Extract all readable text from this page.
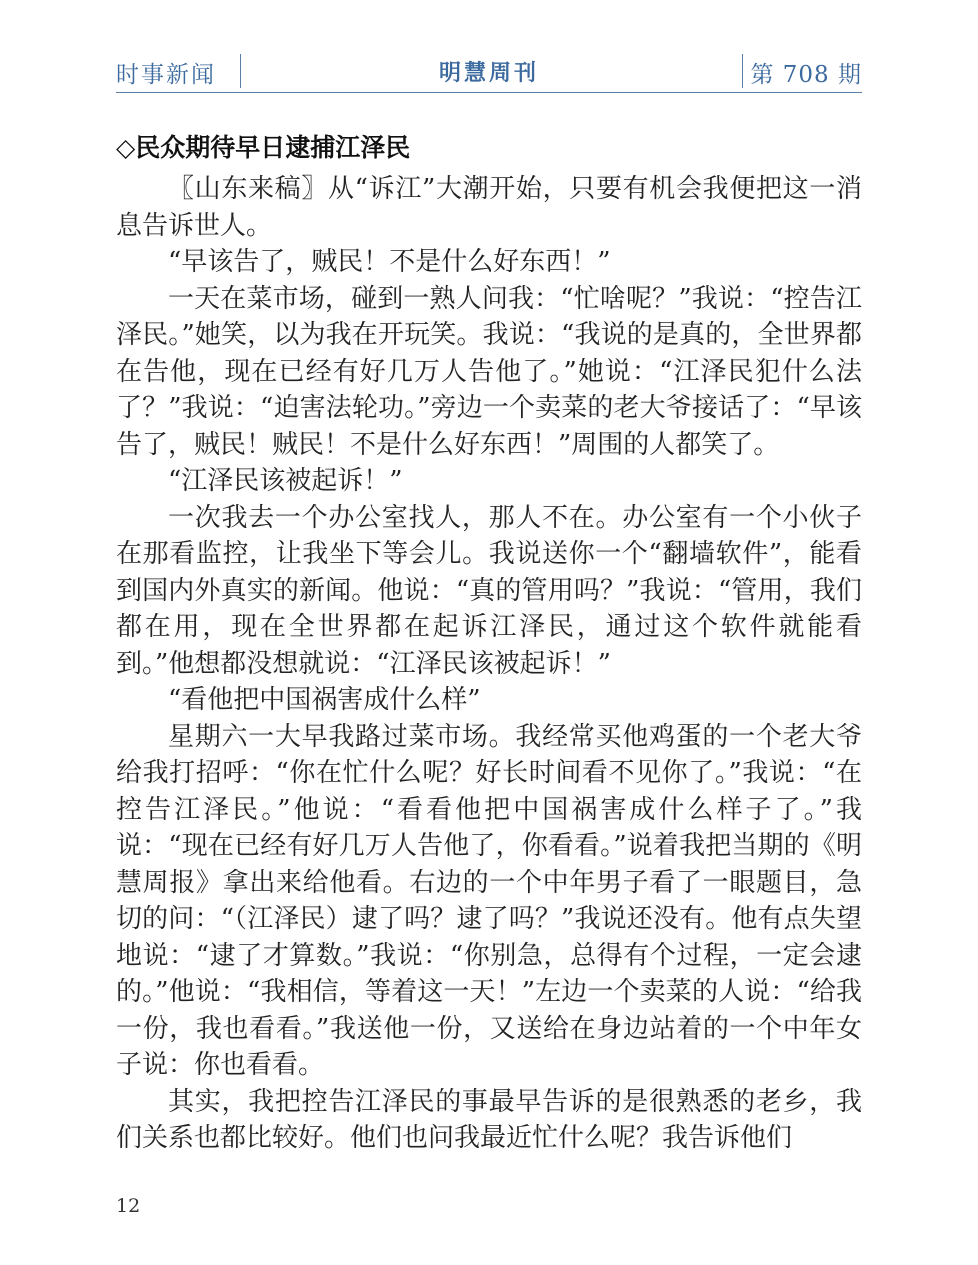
时事新闻	明慧周刊	第 708 期
◇民众期待早日逮捕江泽民

〖山东来稿〗从“诉江”大潮开始，只要有机会我便把这一消息告诉世人。

“早该告了，贼民！不是什么好东西！”

一天在菜市场，碰到一熟人问我：“忙啥呢？”我说：“控告江泽民。”她笑，以为我在开玩笑。我说：“我说的是真的，全世界都在告他，现在已经有好几万人告他了。”她说：“江泽民犯什么法了？”我说：“迫害法轮功。”旁边一个卖菜的老大爷接话了：“早该告了，贼民！贼民！不是什么好东西！”周围的人都笑了。

“江泽民该被起诉！”

一次我去一个办公室找人，那人不在。办公室有一个小伙子在那看监控，让我坐下等会儿。我说送你一个“翻墙软件”，能看到国内外真实的新闻。他说：“真的管用吗？”我说：“管用，我们都在用，现在全世界都在起诉江泽民，通过这个软件就能看到。”他想都没想就说：“江泽民该被起诉！”

“看他把中国祸害成什么样”

星期六一大早我路过菜市场。我经常买他鸡蛋的一个老大爷给我打招呼：“你在忙什么呢？好长时间看不见你了。”我说：“在控告江泽民。”他说：“看看他把中国祸害成什么样子了。”我说：“现在已经有好几万人告他了，你看看。”说着我把当期的《明慧周报》拿出来给他看。右边的一个中年男子看了一眼题目，急切的问：“（江泽民）逮了吗？逮了吗？”我说还没有。他有点失望地说：“逮了才算数。”我说：“你别急，总得有个过程，一定会逮的。”他说：“我相信，等着这一天！”左边一个卖菜的人说：“给我一份，我也看看。”我送他一份，又送给在身边站着的一个中年女子说：你也看看。

其实，我把控告江泽民的事最早告诉的是很熟悉的老乡，我们关系也都比较好。他们也问我最近忙什么呢？我告诉他们

12
